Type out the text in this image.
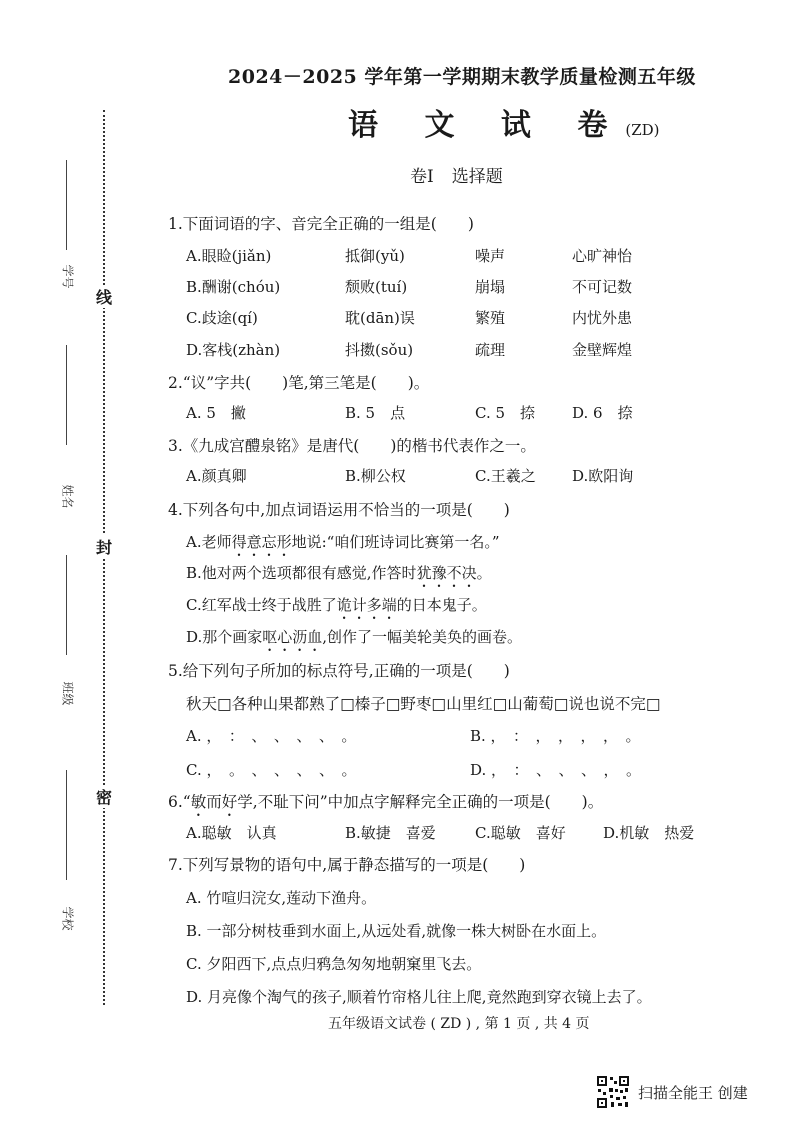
2024－2025 学年第一学期期末教学质量检测五年级
语 文 试 卷(ZD)
卷Ⅰ 选择题
线
封
密
学号
姓名
班级
学校
1.下面词语的字、音完全正确的一组是(　　)
A.眼睑(jiǎn)	抵御(yǔ)	噪声	心旷神怡
B.酬谢(chóu)	颓败(tuí)	崩塌	不可记数
C.歧途(qí)	耽(dān)误	繁殖	内忧外患
D.客栈(zhàn)	抖擞(sǒu)	疏理	金壁辉煌
2.“议”字共(　　)笔,第三笔是(　　)。
A. 5　撇	B. 5　点	C. 5　捺 D. 6　捺
3.《九成宫醴泉铭》是唐代(　　)的楷书代表作之一。
A.颜真卿	B.柳公权	C.王羲之 D.欧阳询
4.下列各句中,加点词语运用不恰当的一项是(　　)
A.老师得意忘形地说:“咱们班诗词比赛第一名。”
B.他对两个选项都很有感觉,作答时犹豫不决。
C.红军战士终于战胜了诡计多端的日本鬼子。
D.那个画家呕心沥血,创作了一幅美轮美奂的画卷。
5.给下列句子所加的标点符号,正确的一项是(　　)
秋天□各种山果都熟了□榛子□野枣□山里红□山葡萄□说也说不完□
A. ，　：　、　、　、　、　。	B. ，　：　，　，　，　，　。
C. ，　。　、　、　、　、　。	D. ，　：　、　、　、　，　。
6.“敏而好学,不耻下问”中加点字解释完全正确的一项是(　　)。
A.聪敏　认真	B.敏捷　喜爱	C.聪敏　喜好 D.机敏　热爱
7.下列写景物的语句中,属于静态描写的一项是(　　)
A. 竹喧归浣女,莲动下渔舟。
B. 一部分树枝垂到水面上,从远处看,就像一株大树卧在水面上。
C. 夕阳西下,点点归鸦急匆匆地朝窠里飞去。
D. 月亮像个淘气的孩子,顺着竹帘格儿往上爬,竟然跑到穿衣镜上去了。
五年级语文试卷 ( ZD ) , 第 1 页 , 共 4 页
扫描全能王 创建
